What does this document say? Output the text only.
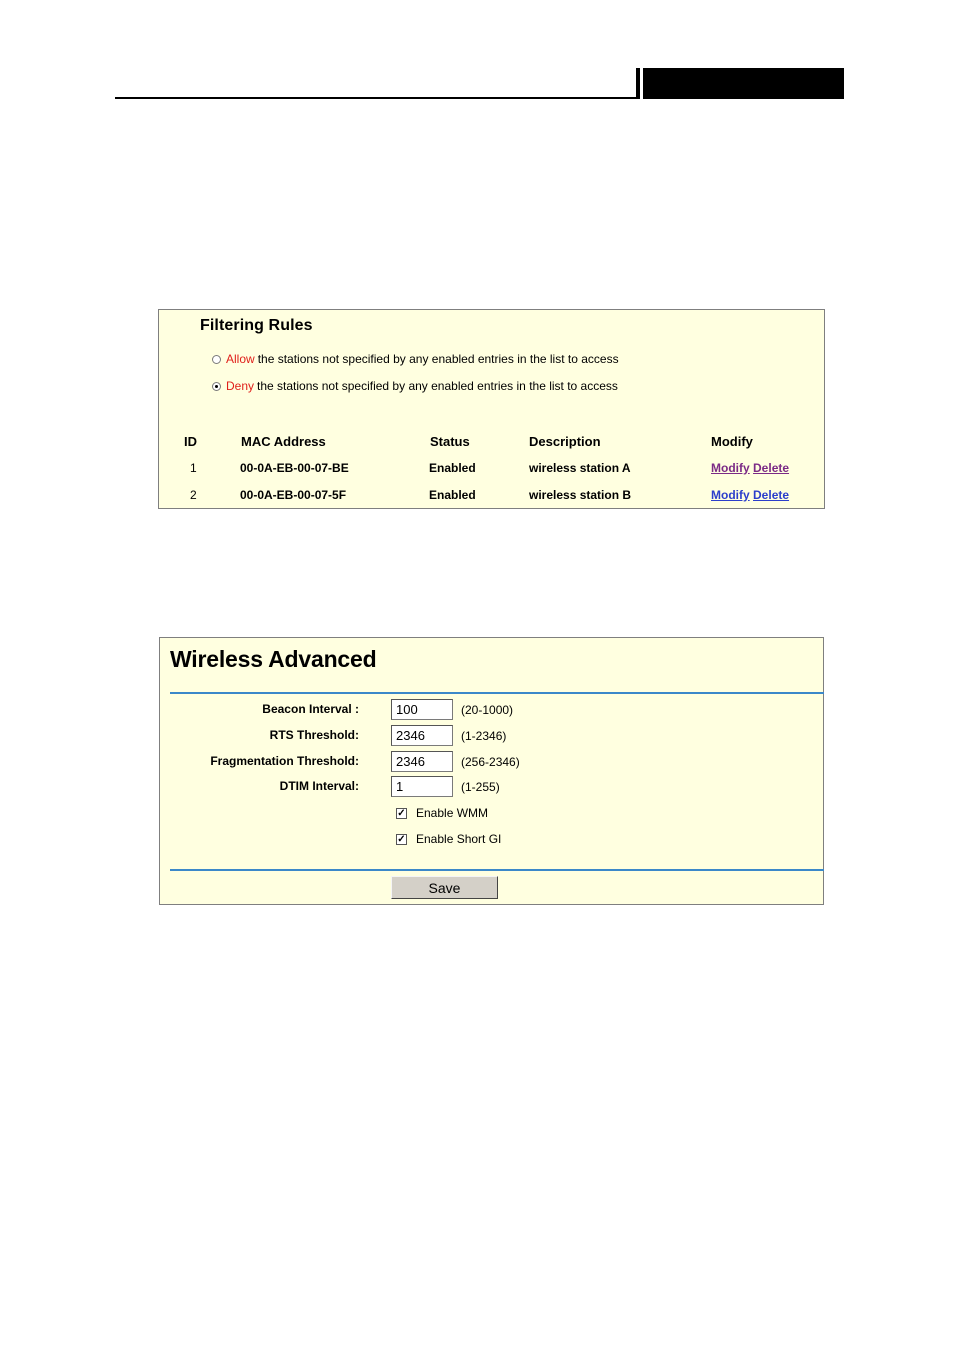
Filtering Rules
Allow the stations not specified by any enabled entries in the list to access
Deny the stations not specified by any enabled entries in the list to access
ID	MAC Address	Status	Description	Modify
1	00-0A-EB-00-07-BE	Enabled	wireless station A	Modify Delete
2	00-0A-EB-00-07-5F	Enabled	wireless station B	Modify Delete
Wireless Advanced
Beacon Interval :
100	(20-1000)
RTS Threshold:
2346	(1-2346)
Fragmentation Threshold:
2346	(256-2346)
DTIM Interval:
1	(1-255)
✓ Enable WMM
✓ Enable Short GI
Save
